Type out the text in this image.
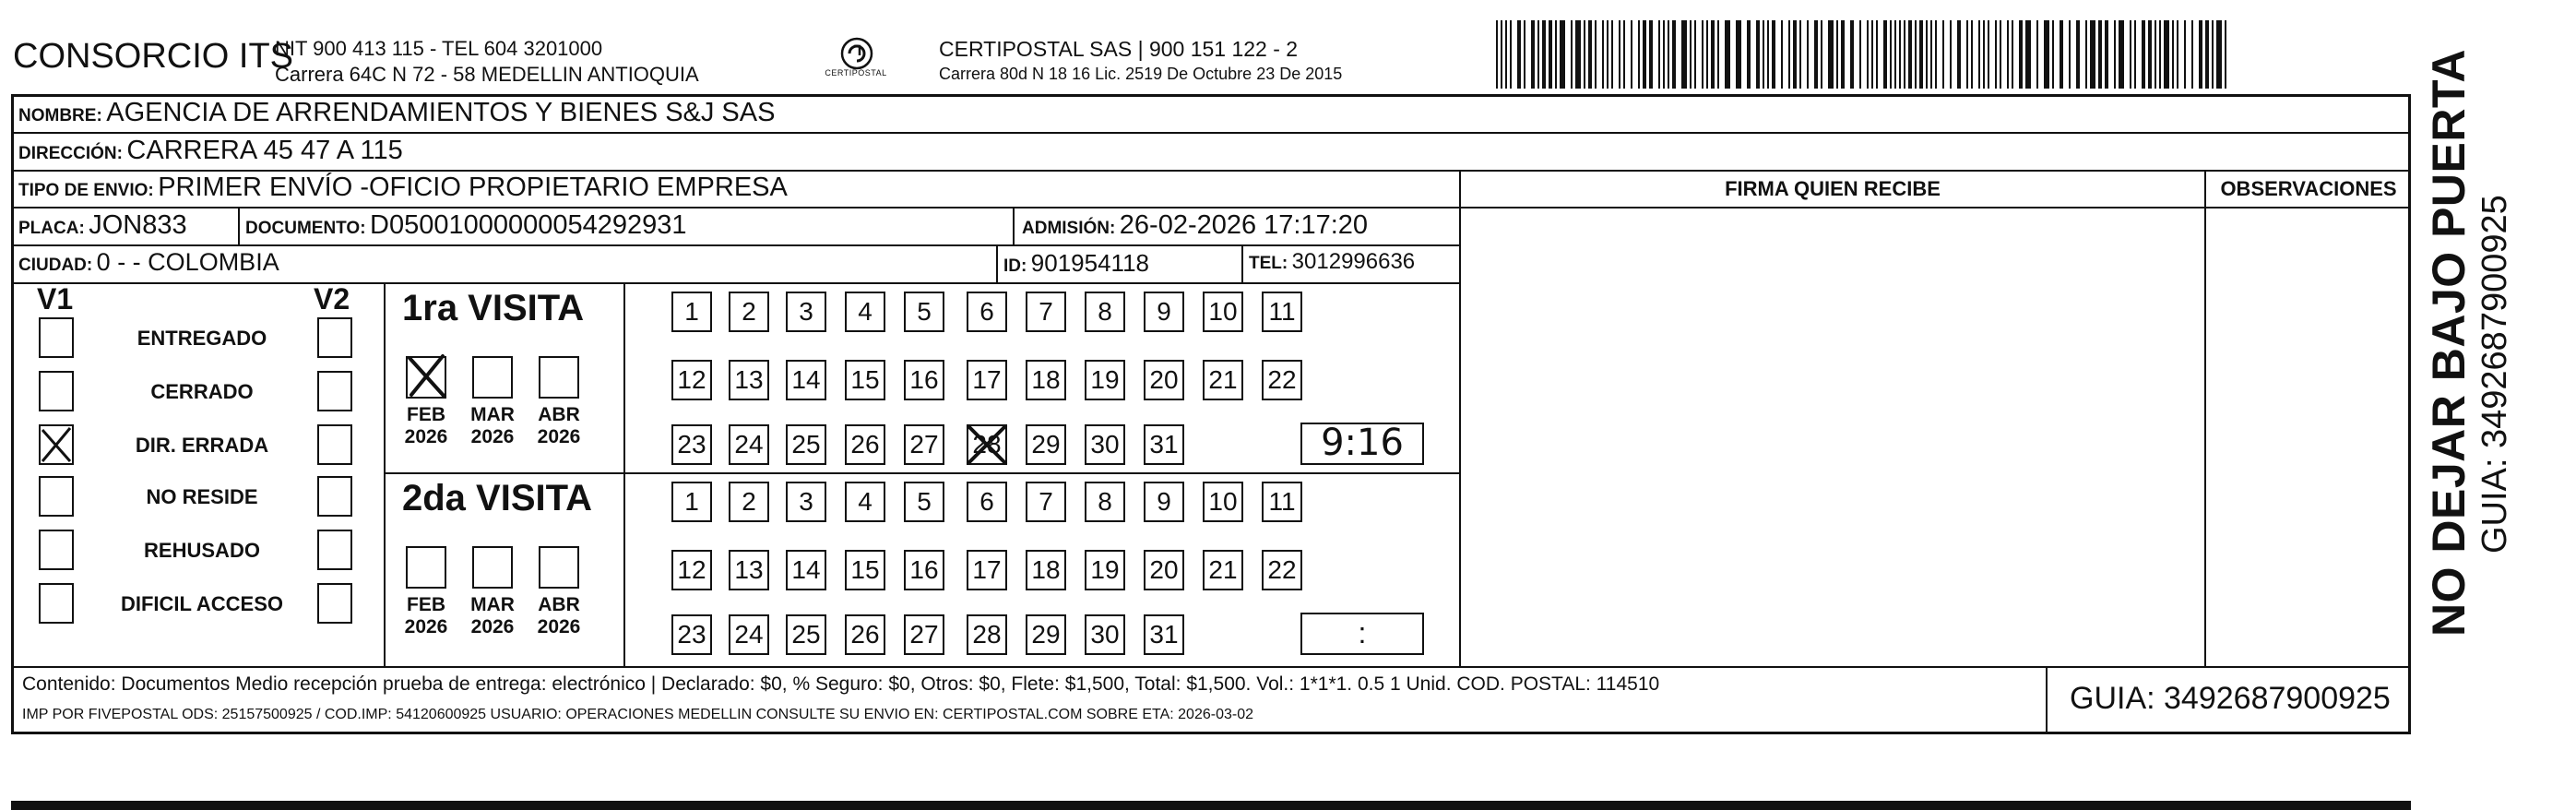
CONSORCIO ITS
NIT 900 413 115 - TEL 604 3201000
Carrera 64C N 72 - 58 MEDELLIN ANTIOQUIA	CERTIPOSTAL
CERTIPOSTAL SAS | 900 151 122 - 2
Carrera 80d N 18 16 Lic. 2519 De Octubre 23 De 2015
NOMBRE: AGENCIA DE ARRENDAMIENTOS Y BIENES S&J SAS
DIRECCIÓN: CARRERA 45 47 A 115
TIPO DE ENVIO: PRIMER ENVÍO -OFICIO PROPIETARIO EMPRESA	FIRMA QUIEN RECIBE	OBSERVACIONES
PLACA: JON833	DOCUMENTO: D05001000000054292931	ADMISIÓN: 26-02-2026 17:17:20
CIUDAD: 0 - - COLOMBIA	ID: 901954118	TEL: 3012996636
V1	V2
ENTREGADO
CERRADO
DIR. ERRADA
NO RESIDE
REHUSADO
DIFICIL ACCESO
1ra VISITA
FEB
2026
MAR
2026
ABR
2026
1	2	3	4	5	6	7	8	9	10 11
12 13 14 15 16 17 18 19 20 21 22
23 24 25 26 27 28 29 30 31	9:16
2da VISITA
FEB
2026
MAR
2026
ABR
2026
1	2	3	4	5	6	7	8	9	10 11
12 13 14 15 16 17 18 19 20 21 22
23 24 25 26 27 28 29 30 31	:
Contenido: Documentos Medio recepción prueba de entrega: electrónico | Declarado: $0, % Seguro: $0, Otros: $0, Flete: $1,500, Total: $1,500. Vol.: 1*1*1. 0.5 1 Unid. COD. POSTAL: 114510
IMP POR FIVEPOSTAL ODS: 25157500925 / COD.IMP: 54120600925 USUARIO: OPERACIONES MEDELLIN CONSULTE SU ENVIO EN: CERTIPOSTAL.COM SOBRE ETA: 2026-03-02	GUIA: 3492687900925
NO DEJAR BAJO PUERTA GUIA: 3492687900925
